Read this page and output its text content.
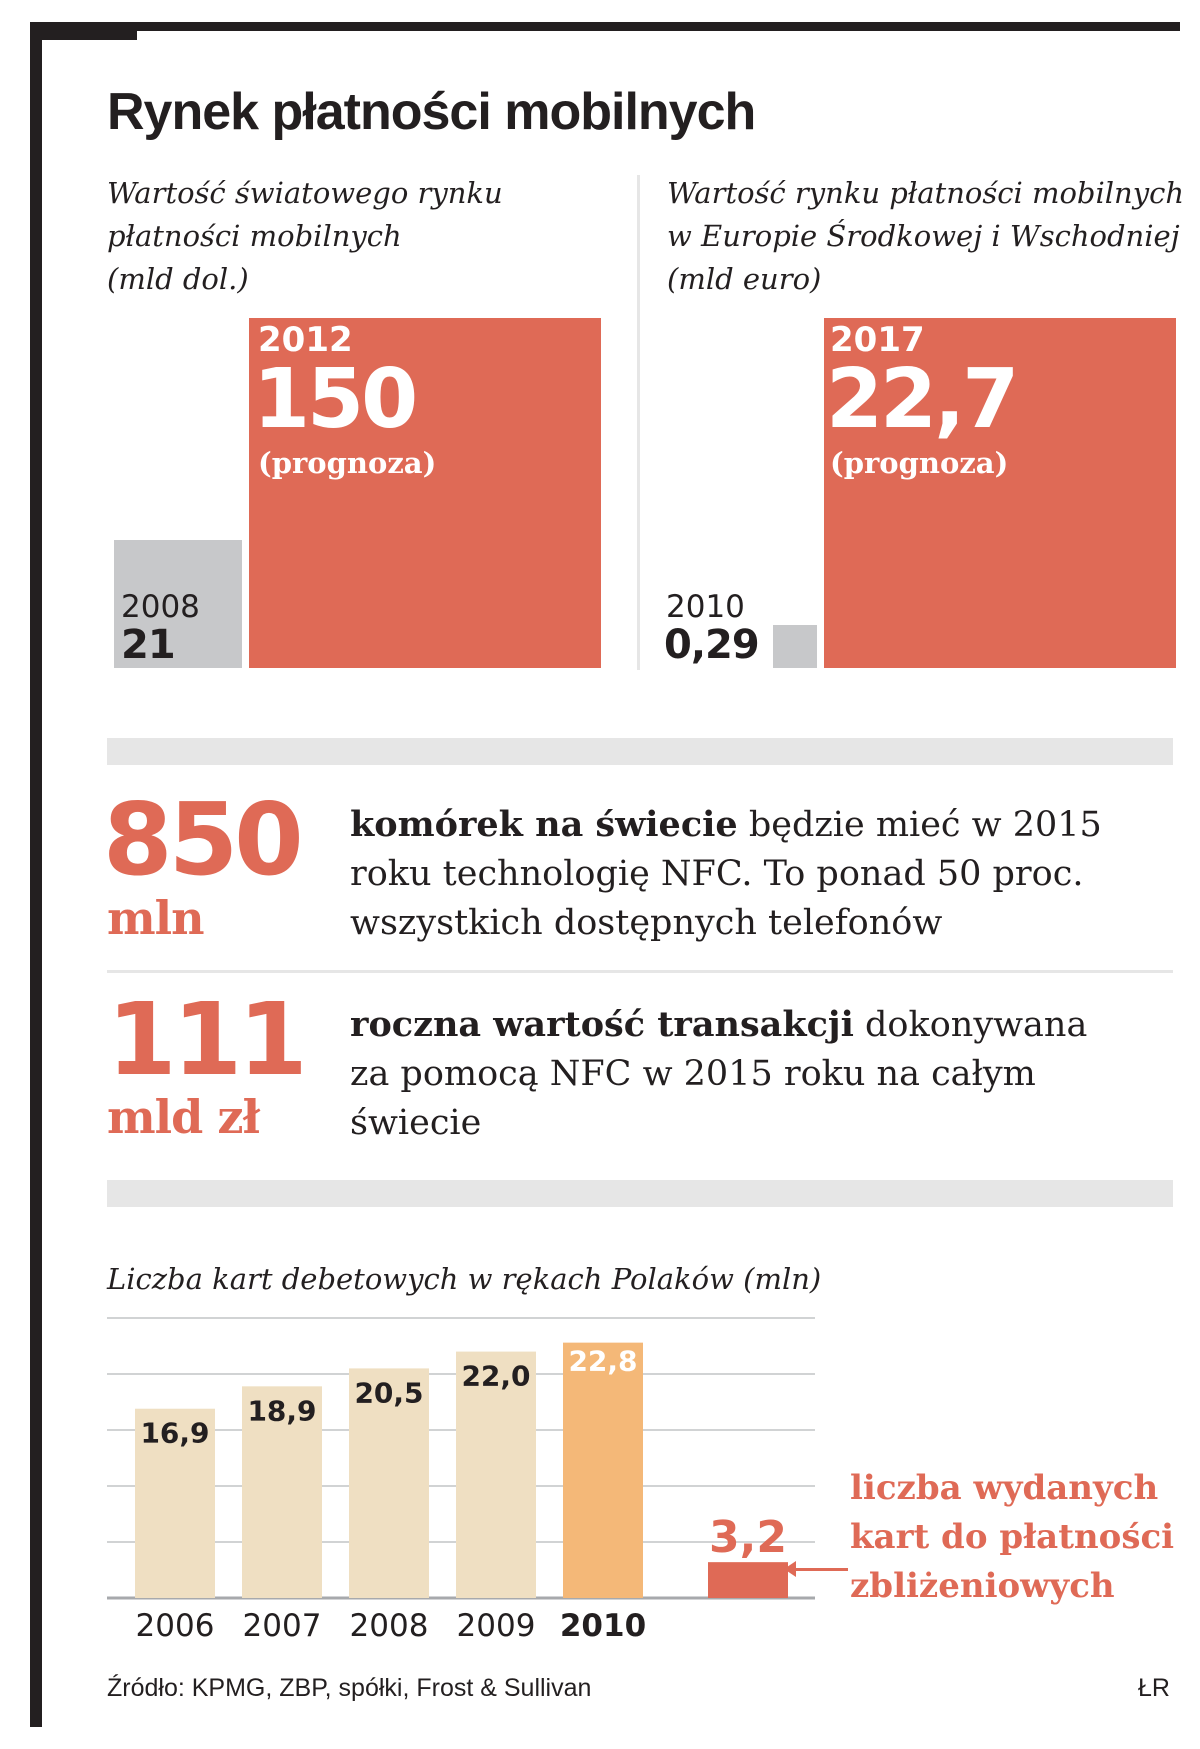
Rynek płatności mobilnych
Wartość światowego rynku
płatności mobilnych
(mld dol.)
2012
150
(prognoza)
2008
21
Wartość rynku płatności mobilnych
w Europie Środkowej i Wschodniej
(mld euro)
2017
22,7
(prognoza)
2010
0,29
850
mln
komórek na świecie będzie mieć w 2015 roku technologię NFC. To ponad 50 proc. wszystkich dostępnych telefonów
111
mld zł
roczna wartość transakcji dokonywana za pomocą NFC w 2015 roku na całym świecie
Liczba kart debetowych w rękach Polaków (mln)
16,9
2006
18,9
2007
20,5
2008
22,0
2009
22,8
2010
3,2
liczba wydanych
kart do płatności
zbliżeniowych
Źródło: KPMG, ZBP, spółki, Frost & Sullivan	ŁR
